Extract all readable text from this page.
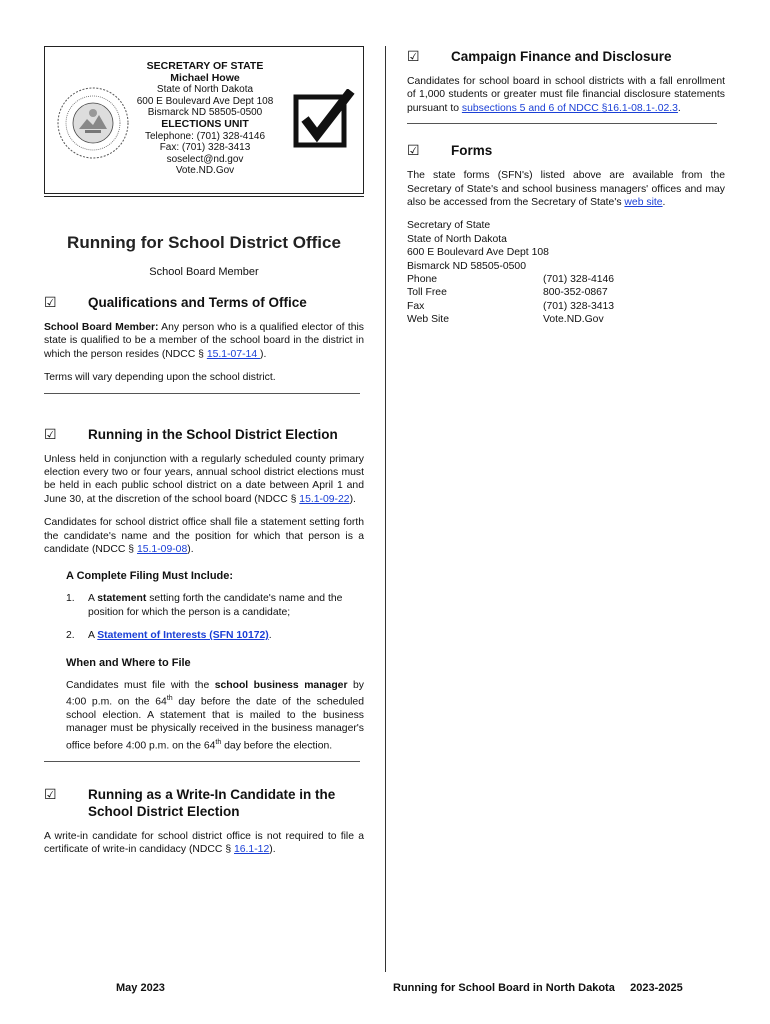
SECRETARY OF STATE
Michael Howe
State of North Dakota
600 E Boulevard Ave Dept 108
Bismarck ND 58505-0500
ELECTIONS UNIT
Telephone: (701) 328-4146
Fax: (701) 328-3413
soselect@nd.gov
Vote.ND.Gov
Running for School District Office
School Board Member
☑	Qualifications and Terms of Office

School Board Member: Any person who is a qualified elector of this state is qualified to be a member of the school board in the district in which the person resides (NDCC § 15.1-07-14 ).

Terms will vary depending upon the school district.

☑	Running in the School District Election

Unless held in conjunction with a regularly scheduled county primary election every two or four years, annual school district elections must be held in each public school district on a date between April 1 and June 30, at the discretion of the school board (NDCC § 15.1-09-22).

Candidates for school district office shall file a statement setting forth the candidate's name and the position for which that person is a candidate (NDCC § 15.1-09-08).

A Complete Filing Must Include:
1.	A statement setting forth the candidate's name and the position for which the person is a candidate;
2.	A Statement of Interests (SFN 10172).
When and Where to File

Candidates must file with the school business manager by 4:00 p.m. on the 64th day before the date of the scheduled school election. A statement that is mailed to the business manager must be physically received in the business manager's office before 4:00 p.m. on the 64th day before the election.

☑	Running as a Write-In Candidate in the School District Election

A write-in candidate for school district office is not required to file a certificate of write-in candidacy (NDCC § 16.1-12).

☑	Campaign Finance and Disclosure

Candidates for school board in school districts with a fall enrollment of 1,000 students or greater must file financial disclosure statements pursuant to subsections 5 and 6 of NDCC §16.1-08.1-.02.3.

☑	Forms

The state forms (SFN's) listed above are available from the Secretary of State's and school business managers' offices and may also be accessed from the Secretary of State's web site.

Secretary of State
State of North Dakota
600 E Boulevard Ave Dept 108
Bismarck ND 58505-0500
Phone	(701) 328-4146
Toll Free	800-352-0867
Fax	(701) 328-3413
Web Site	Vote.ND.Gov
May 2023	Running for School Board in North Dakota     2023-2025
